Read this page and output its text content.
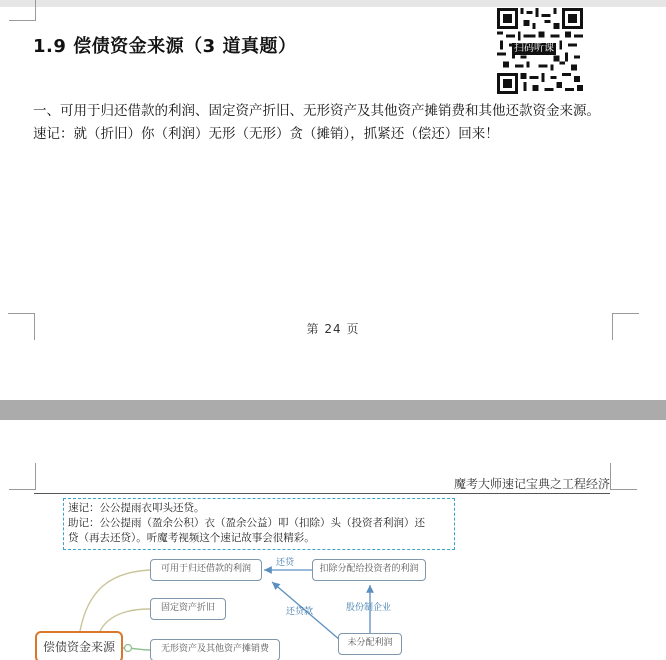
1.9 偿债资金来源（3 道真题）	扫码听课
一、可用于归还借款的利润、固定资产折旧、无形资产及其他资产摊销费和其他还款资金来源。
速记：就（折旧）你（利润）无形（无形）贪（摊销），抓紧还（偿还）回来！
第 24 页
魔考大师速记宝典之工程经济
速记：公公提雨衣叩头还贷。
助记：公公提雨（盈余公积）衣（盈余公益）叩（扣除）头（投资者利润）还
贷（再去还贷）。听魔考视频这个速记故事会很精彩。
偿债资金来源
可用于归还借款的利润
固定资产折旧
无形资产及其他资产摊销费
扣除分配给投资者的利润
未分配利润
还贷
还贷款	股份制企业
